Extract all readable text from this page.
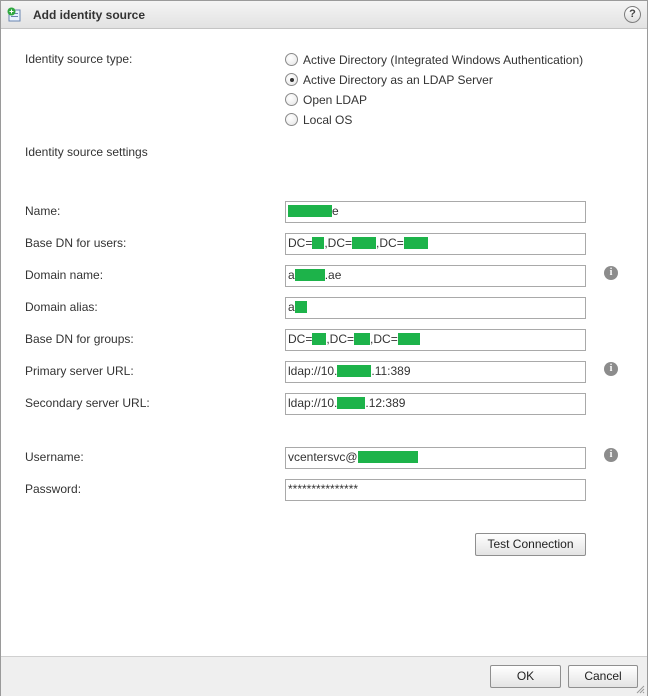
Add identity source	?
Identity source type:	Active Directory (Integrated Windows Authentication)
Active Directory as an LDAP Server
Open LDAP
Local OS
Identity source settings
Name:	e
Base DN for users:	DC= ,DC= ,DC=
Domain name:	a	.ae	i
Domain alias:	a
Base DN for groups:	DC= ,DC= ,DC=
Primary server URL:	ldap://10.	.11:389	i
Secondary server URL:	ldap://10. .12:389
Username:	vcentersvc@	i
Password:	***************
Test Connection
OK	Cancel
